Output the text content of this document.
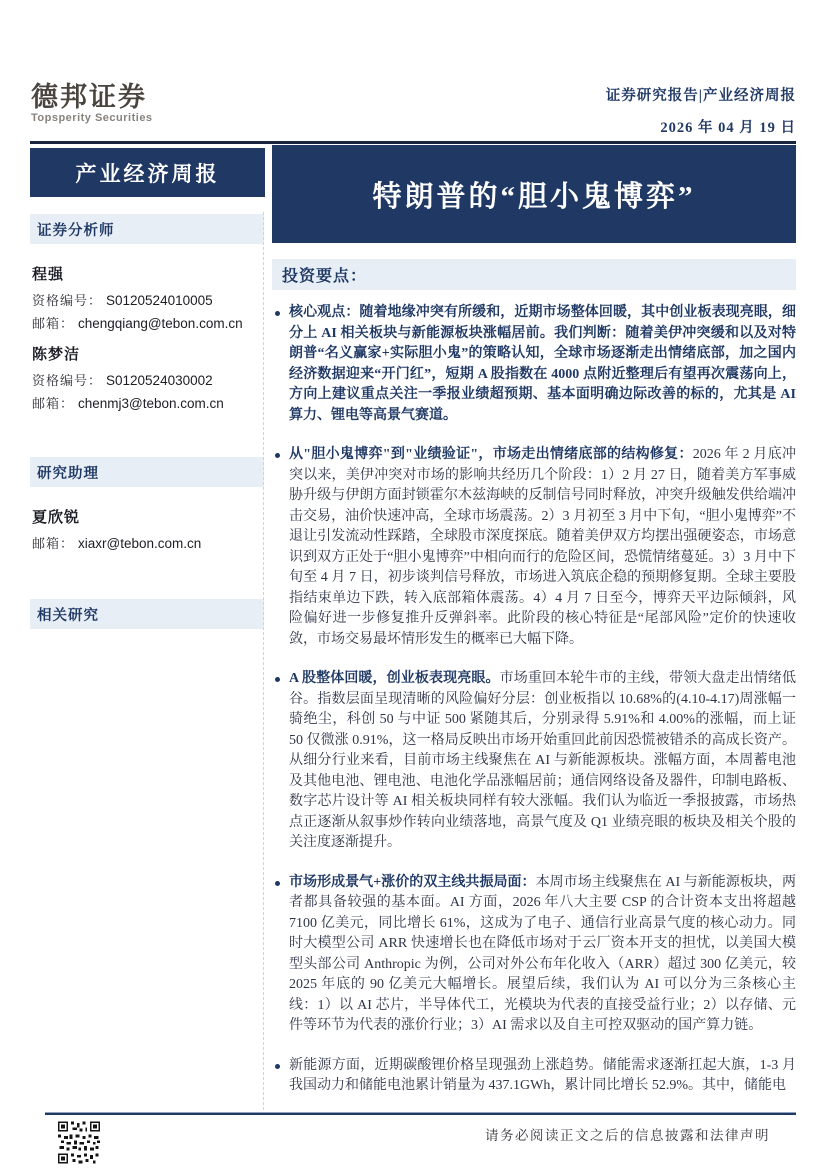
德邦证券
Topsperity Securities
证券研究报告|产业经济周报
2026 年 04 月 19 日
产业经济周报
特朗普的“胆小鬼博弈”
证券分析师
程强
资格编号： S0120524010005
邮箱： chengqiang@tebon.com.cn
陈梦洁
资格编号： S0120524030002
邮箱： chenmj3@tebon.com.cn
研究助理
夏欣锐
邮箱： xiaxr@tebon.com.cn
相关研究
投资要点：

核心观点：随着地缘冲突有所缓和，近期市场整体回暖，其中创业板表现亮眼，细分上 AI 相关板块与新能源板块涨幅居前。我们判断：随着美伊冲突缓和以及对特朗普“名义赢家+实际胆小鬼”的策略认知，全球市场逐渐走出情绪底部，加之国内经济数据迎来“开门红”，短期 A 股指数在 4000 点附近整理后有望再次震荡向上，方向上建议重点关注一季报业绩超预期、基本面明确边际改善的标的，尤其是 AI 算力、锂电等高景气赛道。

从"胆小鬼博弈"到"业绩验证"，市场走出情绪底部的结构修复：2026 年 2 月底冲突以来，美伊冲突对市场的影响共经历几个阶段：1）2 月 27 日，随着美方军事威胁升级与伊朗方面封锁霍尔木兹海峡的反制信号同时释放，冲突升级触发供给端冲击交易，油价快速冲高，全球市场震荡。2）3 月初至 3 月中下旬，“胆小鬼博弈”不退让引发流动性踩踏，全球股市深度探底。随着美伊双方均摆出强硬姿态，市场意识到双方正处于“胆小鬼博弈”中相向而行的危险区间，恐慌情绪蔓延。3）3 月中下旬至 4 月 7 日，初步谈判信号释放，市场进入筑底企稳的预期修复期。全球主要股指结束单边下跌，转入底部箱体震荡。4）4 月 7 日至今，博弈天平边际倾斜，风险偏好进一步修复推升反弹斜率。此阶段的核心特征是“尾部风险”定价的快速收敛，市场交易最坏情形发生的概率已大幅下降。

A 股整体回暖，创业板表现亮眼。市场重回本轮牛市的主线，带领大盘走出情绪低谷。指数层面呈现清晰的风险偏好分层：创业板指以 10.68%的(4.10-4.17)周涨幅一骑绝尘，科创 50 与中证 500 紧随其后，分别录得 5.91%和 4.00%的涨幅，而上证 50 仅微涨 0.91%，这一格局反映出市场开始重回此前因恐慌被错杀的高成长资产。从细分行业来看，目前市场主线聚焦在 AI 与新能源板块。涨幅方面，本周蓄电池及其他电池、锂电池、电池化学品涨幅居前；通信网络设备及器件，印制电路板、数字芯片设计等 AI 相关板块同样有较大涨幅。我们认为临近一季报披露，市场热点正逐渐从叙事炒作转向业绩落地，高景气度及 Q1 业绩亮眼的板块及相关个股的关注度逐渐提升。

市场形成景气+涨价的双主线共振局面：本周市场主线聚焦在 AI 与新能源板块，两者都具备较强的基本面。AI 方面，2026 年八大主要 CSP 的合计资本支出将超越 7100 亿美元，同比增长 61%，这成为了电子、通信行业高景气度的核心动力。同时大模型公司 ARR 快速增长也在降低市场对于云厂资本开支的担忧，以美国大模型头部公司 Anthropic 为例，公司对外公布年化收入（ARR）超过 300 亿美元，较 2025 年底的 90 亿美元大幅增长。展望后续，我们认为 AI 可以分为三条核心主线：1）以 AI 芯片，半导体代工，光模块为代表的直接受益行业；2）以存储、元件等环节为代表的涨价行业；3）AI 需求以及自主可控双驱动的国产算力链。

新能源方面，近期碳酸锂价格呈现强劲上涨趋势。储能需求逐渐扛起大旗，1-3 月我国动力和储能电池累计销量为 437.1GWh，累计同比增长 52.9%。其中，储能电

请务必阅读正文之后的信息披露和法律声明
